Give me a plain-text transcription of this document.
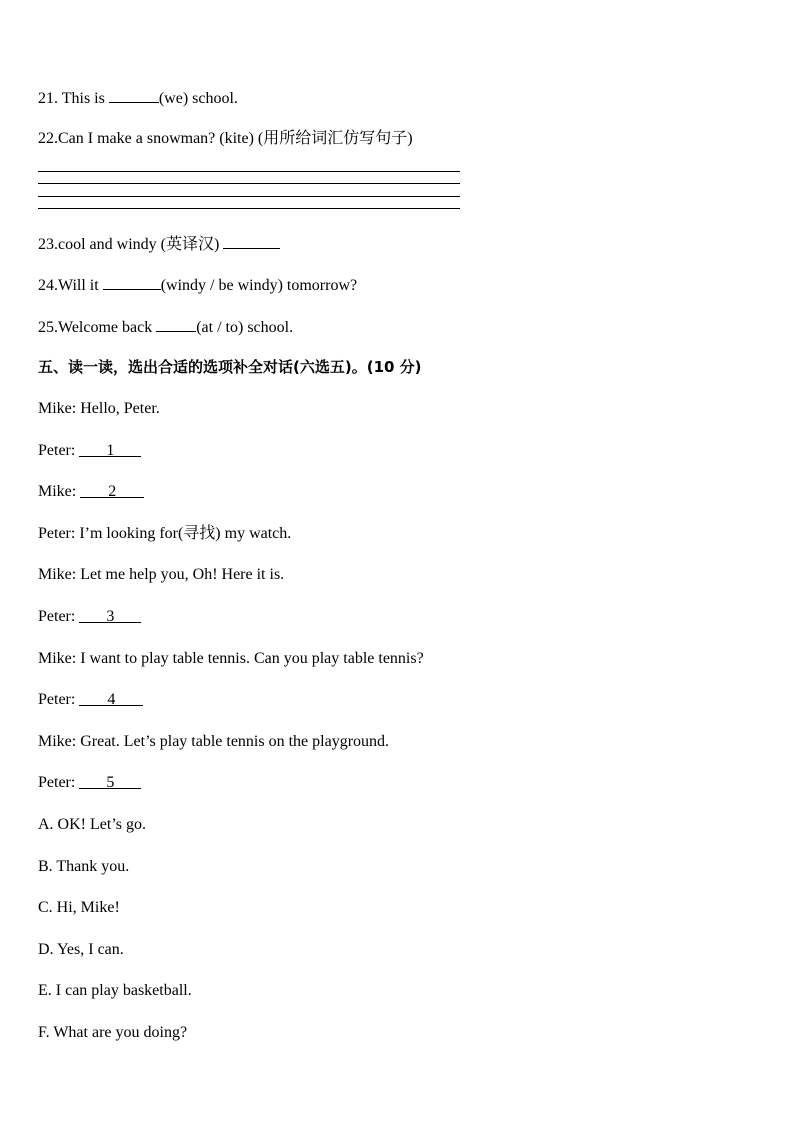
21. This is	(we) school.
22.Can I make a snowman? (kite) (用所给词汇仿写句子)
23.cool and windy (英译汉)
24.Will it	(windy / be windy) tomorrow?
25.Welcome back	(at / to) school.
五、读一读，选出合适的选项补全对话(六选五)。(10 分)
Mike: Hello, Peter.
Peter: 1
Mike: 2
Peter: I’m looking for(寻找) my watch.
Mike: Let me help you, Oh! Here it is.
Peter: 3
Mike: I want to play table tennis. Can you play table tennis?
Peter: 4
Mike: Great. Let’s play table tennis on the playground.
Peter: 5
A. OK! Let’s go.
B. Thank you.
C. Hi, Mike!
D. Yes, I can.
E. I can play basketball.
F. What are you doing?
